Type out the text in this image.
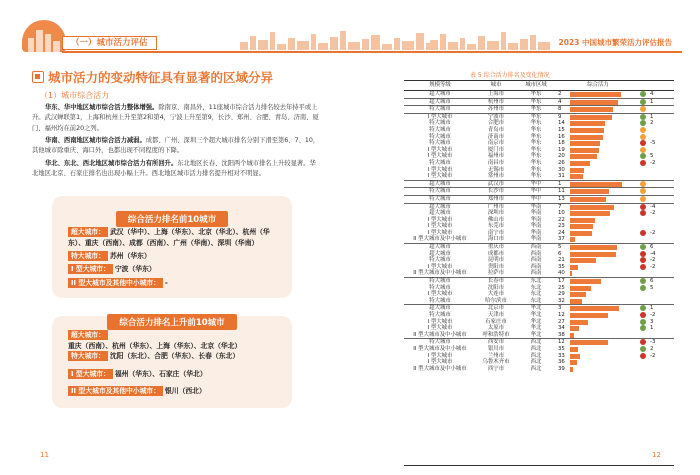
（一）城市活力评估	2023 中国城市繁荣活力评估报告
城市活力的变动特征具有显著的区域分异
（1）城市综合活力
华东、华中地区城市综合活力整体增强。除南京、南昌外，11座城市综合活力排名较去年持平或上升。武汉蝉联第1，上海和杭州上升至第2和第4，宁波上升至第9，长沙、郑州、合肥、青岛、济南、厦门、福州均在前20之列。
华南、西南地区城市综合活力减弱。成都、广州、深圳三个超大城市排名分别下滑至第6、7、10，其他城市除重庆、海口外，也都出现不同程度的下降。
华北、东北、西北地区城市综合活力有所回升。东北地区长春、沈阳两个城市排名上升较显著。华北地区北京、石家庄排名也出现小幅上升。西北地区城市活力排名提升相对不明显。
综合活力排名前10城市
超大城市： 武汉（华中）、上海（华东）、北京（华北）、杭州（华东）、重庆（西南）、成都（西南）、广州（华南）、深圳（华南）
特大城市： 苏州（华东）
I 型大城市： 宁波（华东）
II 型大城市及其他中小城市： -
综合活力排名上升前10城市
超大城市：重庆（西南）、杭州（华东）、上海（华东）、北京（华北）
特大城市： 沈阳（东北）、合肥（华东）、长春（东北）
I 型大城市： 福州（华东）、石家庄（华北）
II 型大城市及其他中小城市： 银川（西北）
11
表 5 综合活力排名及变化情况
规模等级	城市	城市区域	综合活力	
超大城市	上海市	华东	2	4

超大城市	杭州市	华东	4	1

特大城市	苏州市	华东	8

I 型大城市	宁波市	华东	9	1

特大城市	合肥市	华东	14	2

特大城市	青岛市	华东	15

特大城市	济南市	华东	16

特大城市	南京市	华东	18	-5

I 型大城市	厦门市	华东	19

I 型大城市	福州市	华东	20	5

特大城市	南昌市	华东	26	-2

I 型大城市	无锡市	华东	30

I 型大城市	常州市	华东	31

超大城市	武汉市	华中	1

特大城市	长沙市	华中	11

特大城市	郑州市	华中	13

超大城市	广州市	华南	7	-4

超大城市	深圳市	华南	10	-2

I 型大城市	佛山市	华南	22

I 型大城市	东莞市	华南	23

I 型大城市	南宁市	华南	24	-2

II 型大城市及中小城市	海口市	华南	37

超大城市	重庆市	西南	5	6

超大城市	成都市	西南	6	-4

特大城市	昆明市	西南	21	-2

I 型大城市	贵阳市	西南	35	-2

II 型大城市及中小城市	拉萨市	西南	40

特大城市	长春市	东北	17	6

特大城市	沈阳市	东北	25	5

I 型大城市	大连市	东北	29

特大城市	哈尔滨市	东北	32

超大城市	北京市	华北	3	1

特大城市	天津市	华北	12	-2

I 型大城市	石家庄市	华北	27	3

I 型大城市	太原市	华北	34	1

II 型大城市及中小城市	呼和浩特市	华北	38

特大城市	西安市	西北	12	-3

II 型大城市及中小城市	银川市	西北	35	2

I 型大城市	兰州市	西北	33	-2

I 型大城市	乌鲁木齐市	西北	36

II 型大城市及中小城市	西宁市	西北	39

12
